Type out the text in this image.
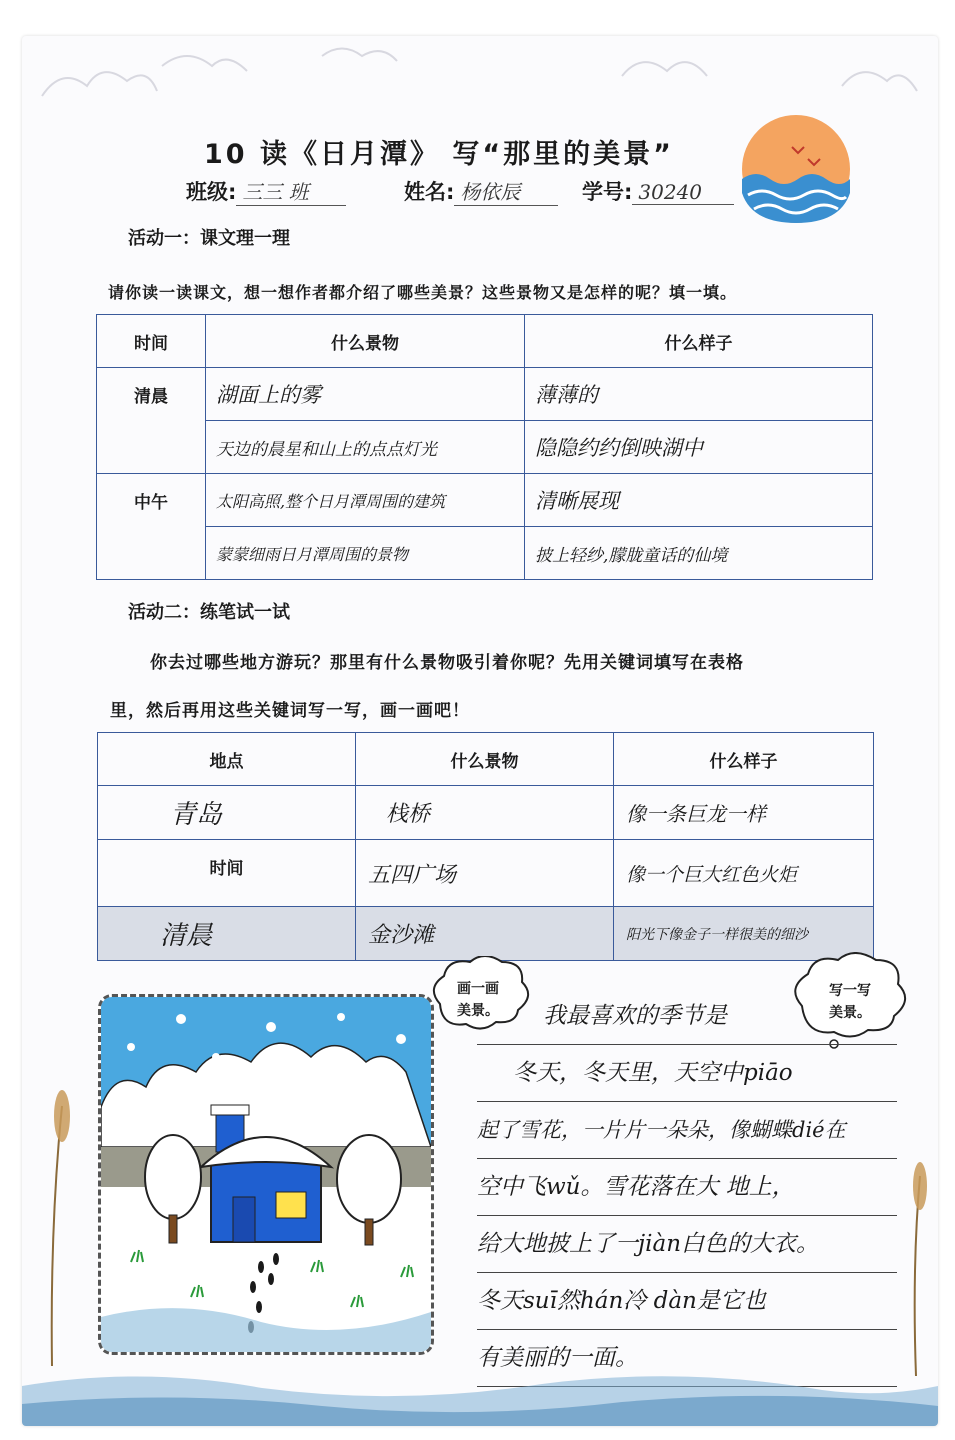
10 读《日月潭》 写“那里的美景”
班级: 三三 班	姓名: 杨依辰	学号: 30240
活动一：课文理一理
请你读一读课文，想一想作者都介绍了哪些美景？这些景物又是怎样的呢？填一填。
时间	什么景物	什么样子
清晨	湖面上的雾	薄薄的
	天边的晨星和山上的点点灯光	隐隐约约倒映湖中
中午	太阳高照,整个日月潭周围的建筑	清晰展现
	蒙蒙细雨日月潭周围的景物	披上轻纱,朦胧童话的仙境
活动二：练笔试一试
你去过哪些地方游玩？那里有什么景物吸引着你呢？先用关键词填写在表格
里，然后再用这些关键词写一写，画一画吧！
地点	什么景物	什么样子
青岛	栈桥	像一条巨龙一样
时间	五四广场	像一个巨大红色火炬
清晨	金沙滩	阳光下像金子一样很美的细沙
画一画
美景。
写一写
美景。
我最喜欢的季节是
冬天，冬天里，天空中piāo
起了雪花，一片片一朵朵，像蝴蝶dié在
空中飞wǔ。雪花落在大 地上，
给大地披上了一jiàn白色的大衣。
冬天suī然hán冷 dàn是它也
有美丽的一面。
